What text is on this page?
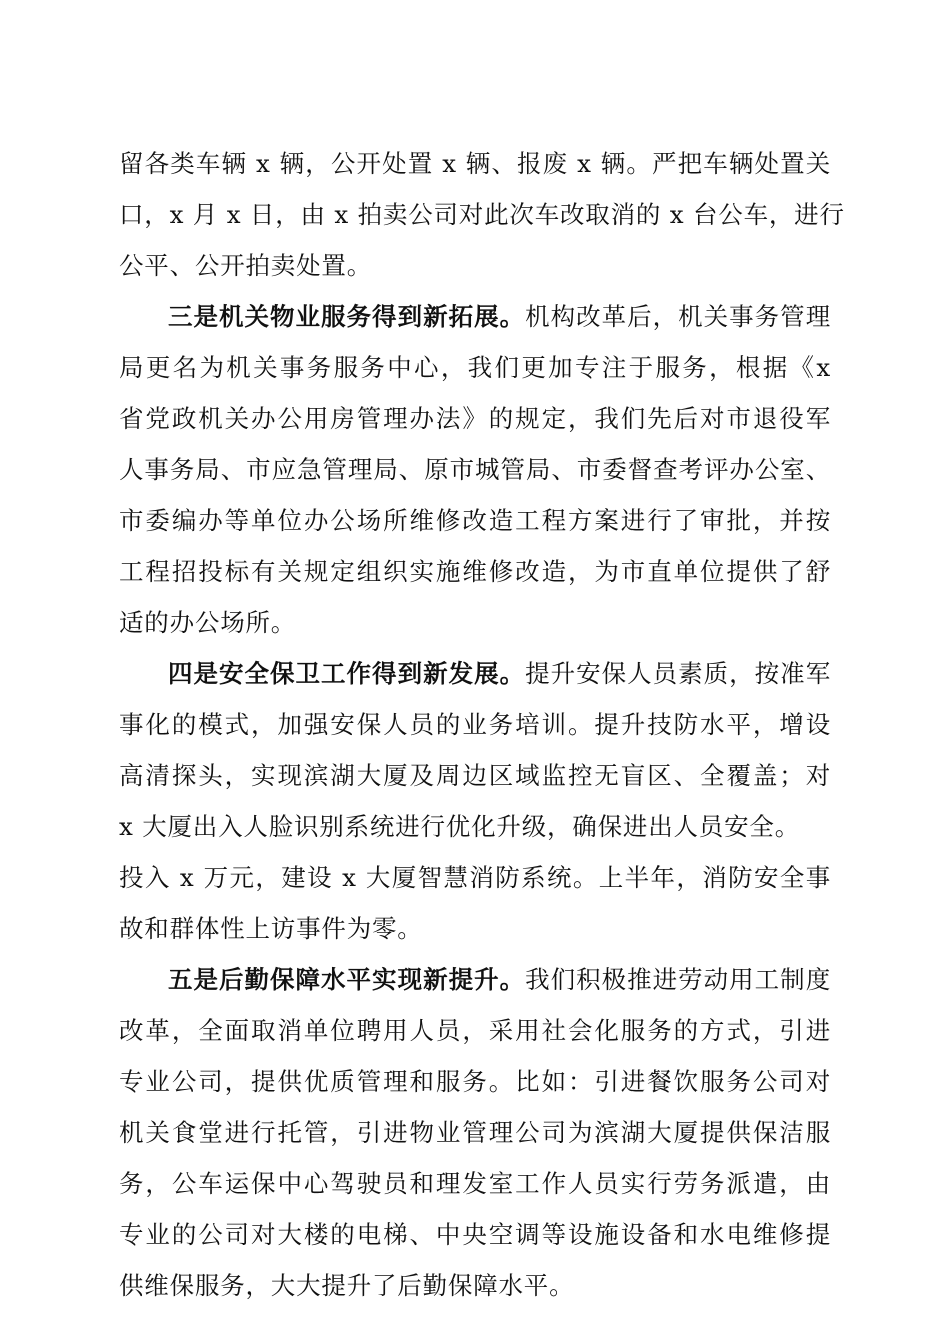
留各类车辆 x 辆，公开处置 x 辆、报废 x 辆。严把车辆处置关
口，x 月 x 日，由 x 拍卖公司对此次车改取消的 x 台公车，进行
公平、公开拍卖处置。
三是机关物业服务得到新拓展。机构改革后，机关事务管理
局更名为机关事务服务中心，我们更加专注于服务，根据《x
省党政机关办公用房管理办法》的规定，我们先后对市退役军
人事务局、市应急管理局、原市城管局、市委督查考评办公室、
市委编办等单位办公场所维修改造工程方案进行了审批，并按
工程招投标有关规定组织实施维修改造，为市直单位提供了舒
适的办公场所。
四是安全保卫工作得到新发展。提升安保人员素质，按准军
事化的模式，加强安保人员的业务培训。提升技防水平，增设
高清探头，实现滨湖大厦及周边区域监控无盲区、全覆盖；对
x 大厦出入人脸识别系统进行优化升级，确保进出人员安全。
投入 x 万元，建设 x 大厦智慧消防系统。上半年，消防安全事
故和群体性上访事件为零。
五是后勤保障水平实现新提升。我们积极推进劳动用工制度
改革，全面取消单位聘用人员，采用社会化服务的方式，引进
专业公司，提供优质管理和服务。比如：引进餐饮服务公司对
机关食堂进行托管，引进物业管理公司为滨湖大厦提供保洁服
务，公车运保中心驾驶员和理发室工作人员实行劳务派遣，由
专业的公司对大楼的电梯、中央空调等设施设备和水电维修提
供维保服务，大大提升了后勤保障水平。
